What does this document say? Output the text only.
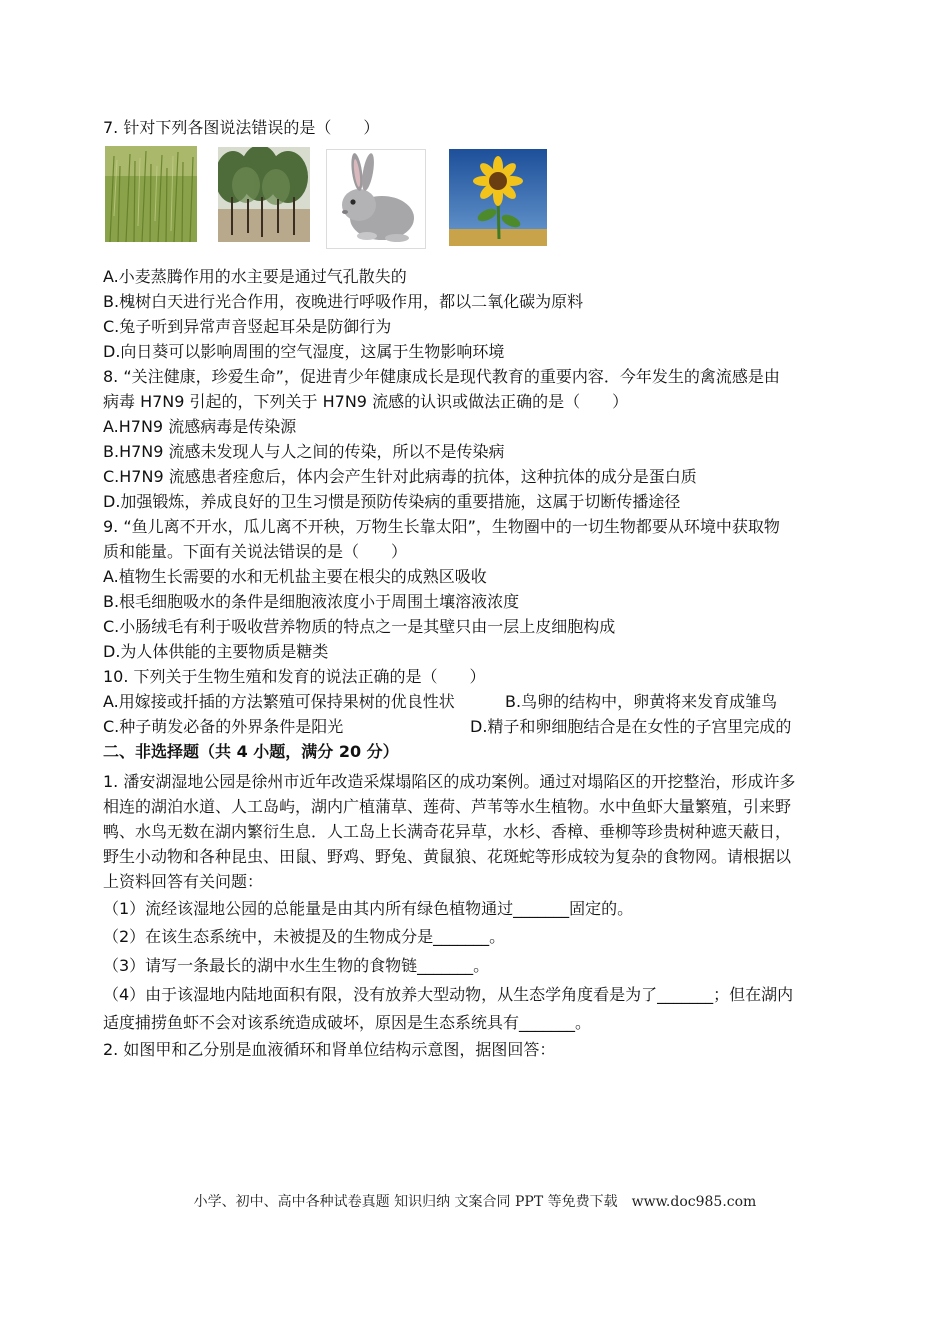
7. 针对下列各图说法错误的是（　　）
A.小麦蒸腾作用的水主要是通过气孔散失的
B.槐树白天进行光合作用，夜晚进行呼吸作用，都以二氧化碳为原料
C.兔子听到异常声音竖起耳朵是防御行为
D.向日葵可以影响周围的空气湿度，这属于生物影响环境
8. “关注健康，珍爱生命”，促进青少年健康成长是现代教育的重要内容．今年发生的禽流感是由
病毒 H7N9 引起的，下列关于 H7N9 流感的认识或做法正确的是（　　）
A.H7N9 流感病毒是传染源
B.H7N9 流感未发现人与人之间的传染，所以不是传染病
C.H7N9 流感患者痊愈后，体内会产生针对此病毒的抗体，这种抗体的成分是蛋白质
D.加强锻炼，养成良好的卫生习惯是预防传染病的重要措施，这属于切断传播途径
9. “鱼儿离不开水，瓜儿离不开秧，万物生长靠太阳”，生物圈中的一切生物都要从环境中获取物
质和能量。下面有关说法错误的是（　　）
A.植物生长需要的水和无机盐主要在根尖的成熟区吸收
B.根毛细胞吸水的条件是细胞液浓度小于周围土壤溶液浓度
C.小肠绒毛有利于吸收营养物质的特点之一是其壁只由一层上皮细胞构成
D.为人体供能的主要物质是糖类
10. 下列关于生物生殖和发育的说法正确的是（　　）
A.用嫁接或扦插的方法繁殖可保持果树的优良性状	B.鸟卵的结构中，卵黄将来发育成雏鸟
C.种子萌发必备的外界条件是阳光	D.精子和卵细胞结合是在女性的子宫里完成的
二、非选择题（共 4 小题，满分 20 分）
1. 潘安湖湿地公园是徐州市近年改造采煤塌陷区的成功案例。通过对塌陷区的开挖整治，形成许多
相连的湖泊水道、人工岛屿，湖内广植蒲草、莲荷、芦苇等水生植物。水中鱼虾大量繁殖，引来野
鸭、水鸟无数在湖内繁衍生息．人工岛上长满奇花异草，水杉、香樟、垂柳等珍贵树种遮天蔽日，
野生小动物和各种昆虫、田鼠、野鸡、野兔、黄鼠狼、花斑蛇等形成较为复杂的食物网。请根据以
上资料回答有关问题：
（1）流经该湿地公园的总能量是由其内所有绿色植物通过_______固定的。
（2）在该生态系统中，未被提及的生物成分是_______。
（3）请写一条最长的湖中水生生物的食物链_______。
（4）由于该湿地内陆地面积有限，没有放养大型动物，从生态学角度看是为了_______；但在湖内
适度捕捞鱼虾不会对该系统造成破坏，原因是生态系统具有_______。
2. 如图甲和乙分别是血液循环和肾单位结构示意图，据图回答：
小学、初中、高中各种试卷真题 知识归纳 文案合同 PPT 等免费下载　www.doc985.com
